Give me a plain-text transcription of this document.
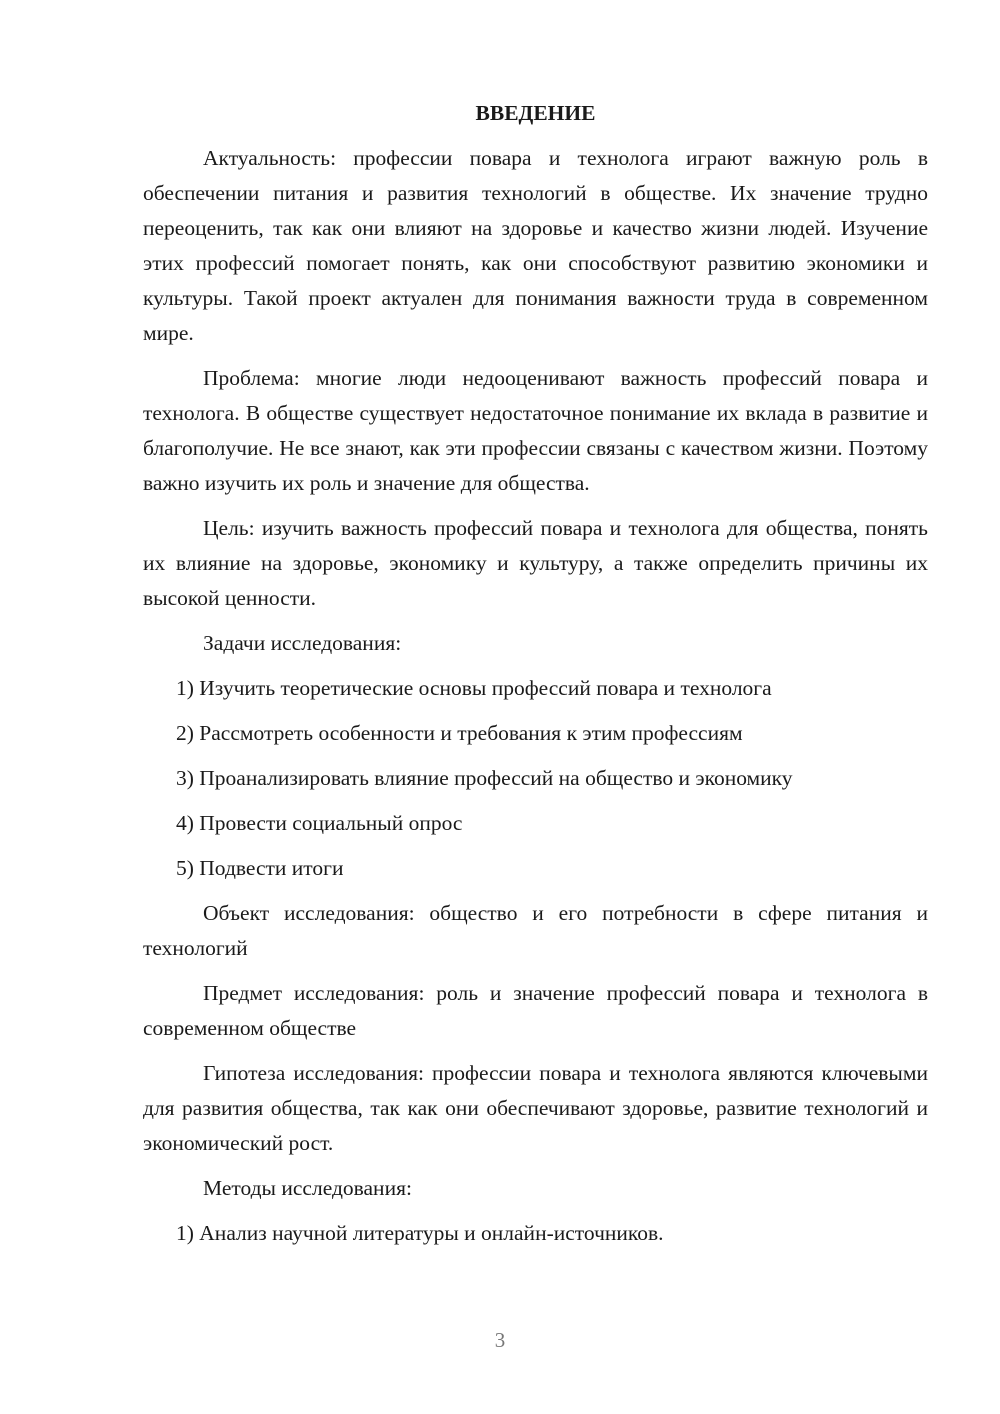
ВВЕДЕНИЕ

Актуальность: профессии повара и технолога играют важную роль в обеспечении питания и развития технологий в обществе. Их значение трудно переоценить, так как они влияют на здоровье и качество жизни людей. Изучение этих профессий помогает понять, как они способствуют развитию экономики и культуры. Такой проект актуален для понимания важности труда в современном мире.

Проблема: многие люди недооценивают важность профессий повара и технолога. В обществе существует недостаточное понимание их вклада в развитие и благополучие. Не все знают, как эти профессии связаны с качеством жизни. Поэтому важно изучить их роль и значение для общества.

Цель: изучить важность профессий повара и технолога для общества, понять их влияние на здоровье, экономику и культуру, а также определить причины их высокой ценности.

Задачи исследования:

1) Изучить теоретические основы профессий повара и технолога
2) Рассмотреть особенности и требования к этим профессиям
3) Проанализировать влияние профессий на общество и экономику
4) Провести социальный опрос
5) Подвести итоги

Объект исследования: общество и его потребности в сфере питания и технологий

Предмет исследования: роль и значение профессий повара и технолога в современном обществе

Гипотеза исследования: профессии повара и технолога являются ключевыми для развития общества, так как они обеспечивают здоровье, развитие технологий и экономический рост.

Методы исследования:

1) Анализ научной литературы и онлайн-источников.
3
